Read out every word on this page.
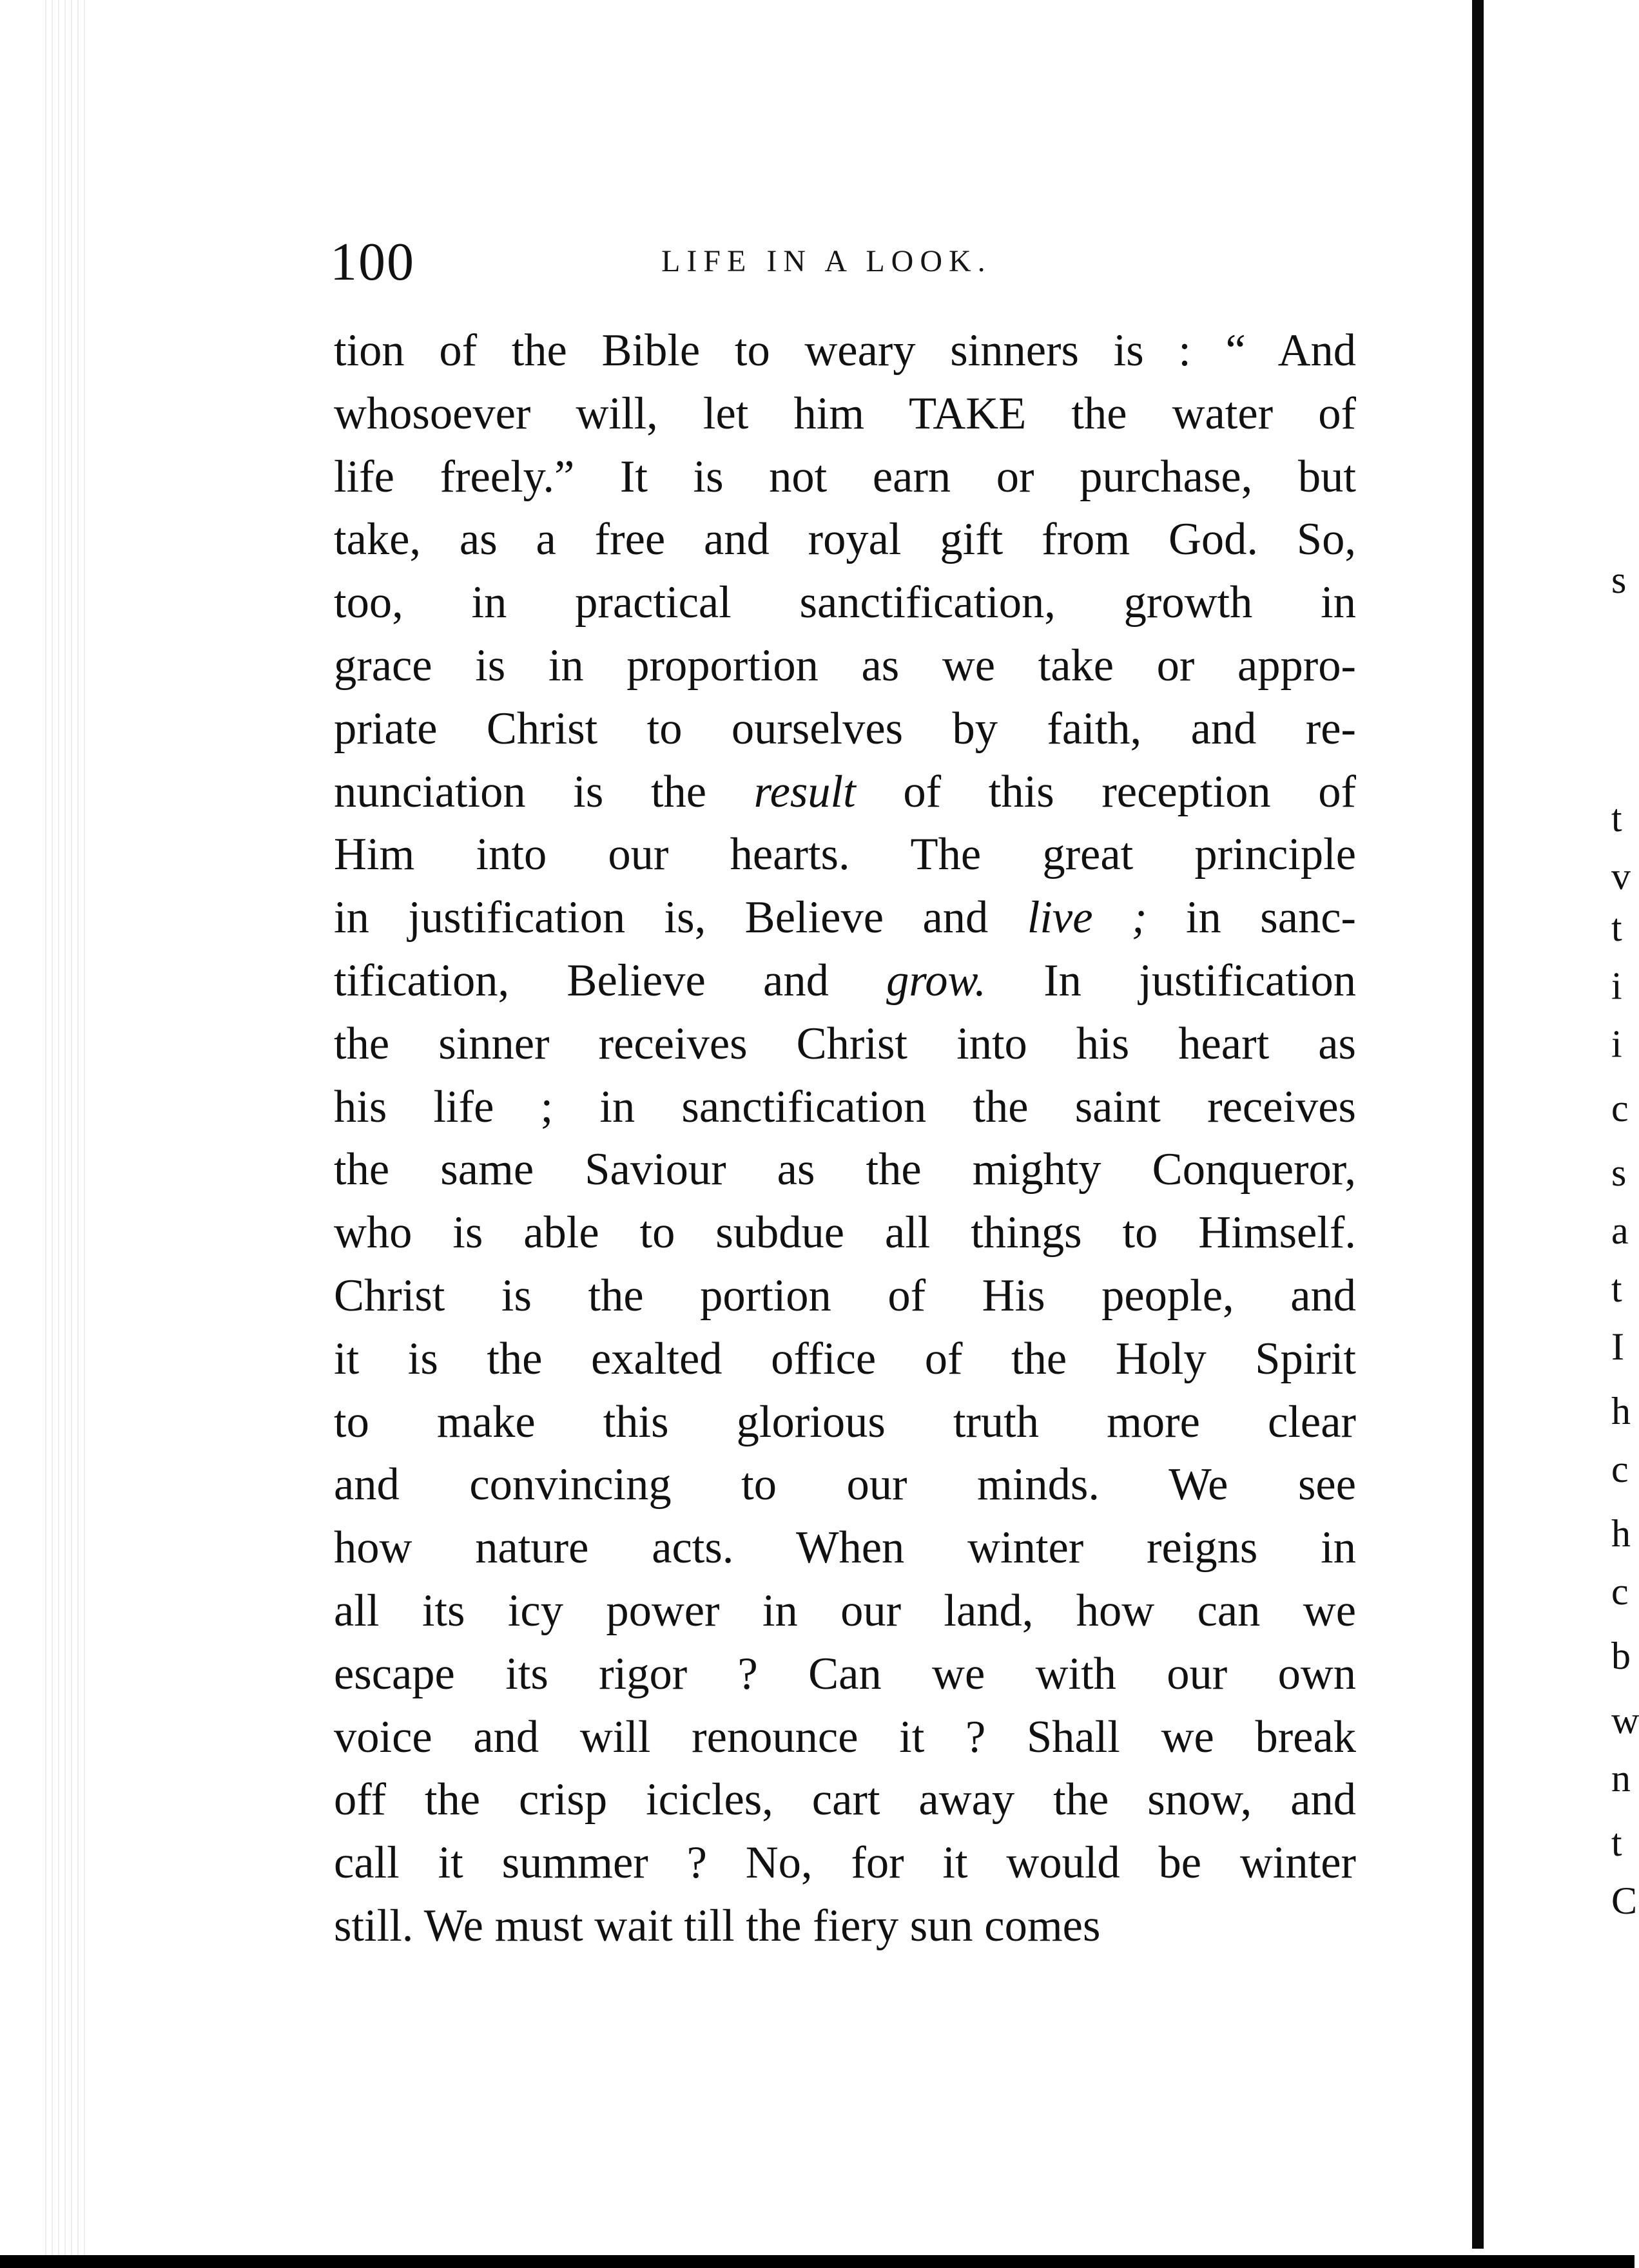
100	LIFE IN A LOOK.
tion of the Bible to weary sinners is : “ And
whosoever will, let him TAKE the water of
life freely.” It is not earn or purchase, but
take, as a free and royal gift from God. So,
too, in practical sanctification, growth in
grace is in proportion as we take or appro-
priate Christ to ourselves by faith, and re-
nunciation is the result of this reception of
Him into our hearts. The great principle
in justification is, Believe and live ; in sanc-
tification, Believe and grow. In justification
the sinner receives Christ into his heart as
his life ; in sanctification the saint receives
the same Saviour as the mighty Conqueror,
who is able to subdue all things to Himself.
Christ is the portion of His people, and
it is the exalted office of the Holy Spirit
to make this glorious truth more clear
and convincing to our minds. We see
how nature acts. When winter reigns in
all its icy power in our land, how can we
escape its rigor ? Can we with our own
voice and will renounce it ? Shall we break
off the crisp icicles, cart away the snow, and
call it summer ? No, for it would be winter
still. We must wait till the fiery sun comes
s
t
v
t
i
i
c
s
a
t
I
h
c
h
c
b
w
n
t
C
